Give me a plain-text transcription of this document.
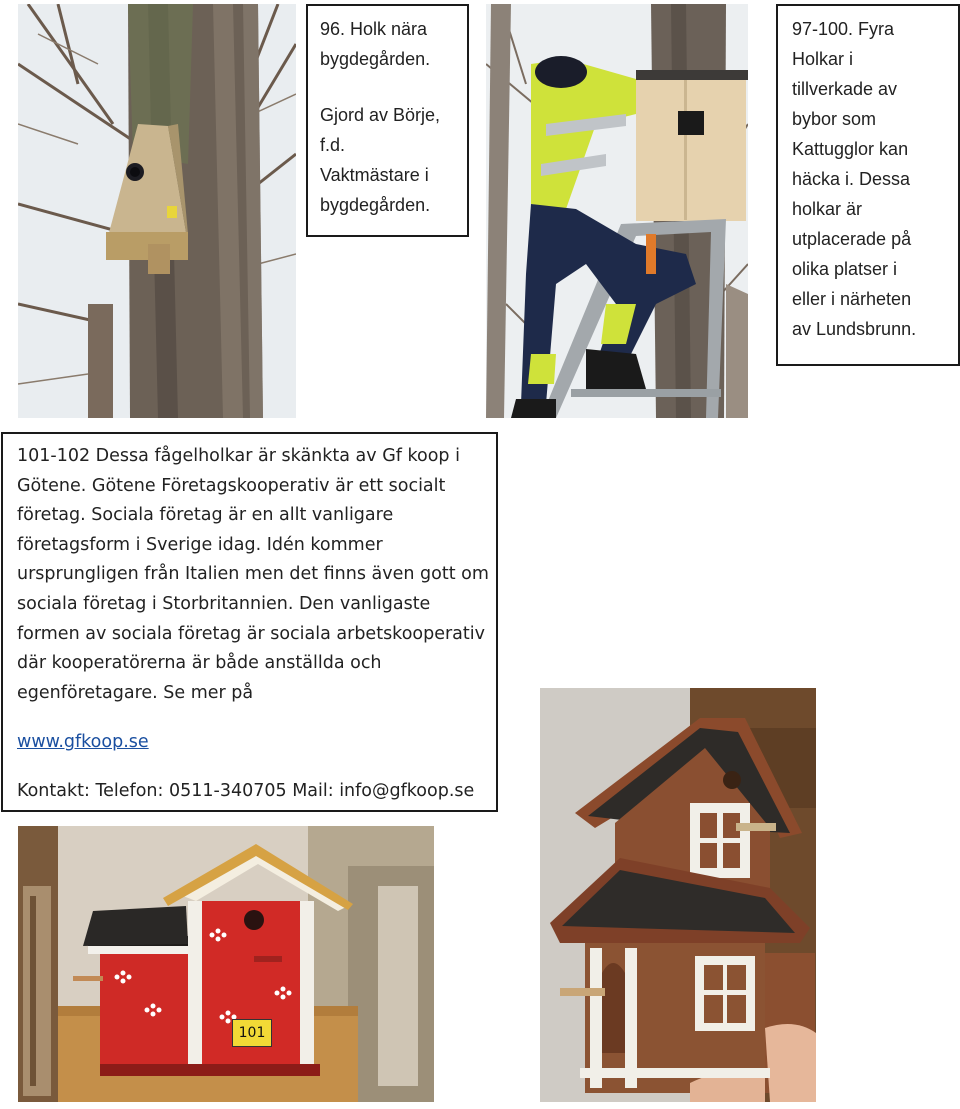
96. Holk nära

bygdegården.

Gjord av Börje,

f.d.

Vaktmästare i

bygdegården.

97-100. Fyra

Holkar i

tillverkade av

bybor som

Kattugglor kan

häcka i. Dessa

holkar är

utplacerade på

olika platser i

eller i närheten

av Lundsbrunn.

101-102 Dessa fågelholkar är skänkta av Gf koop i

Götene. Götene Företagskooperativ är ett socialt

företag. Sociala företag är en allt vanligare

företagsform i Sverige idag. Idén kommer

ursprungligen från Italien men det finns även gott om

sociala företag i Storbritannien. Den vanligaste

formen av sociala företag är sociala arbetskooperativ

där kooperatörerna är både anställda och

egenföretagare. Se mer på

www.gfkoop.se

Kontakt: Telefon: 0511-340705 Mail: info@gfkoop.se

101
